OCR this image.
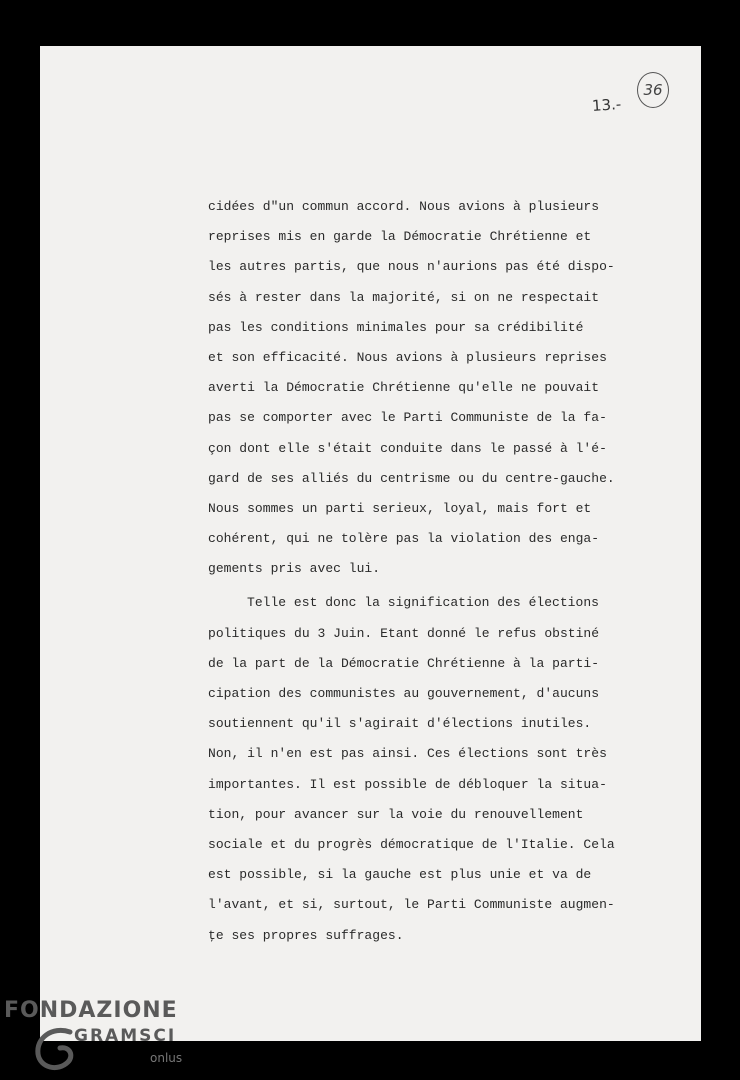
13.-
36
cidées d"un commun accord. Nous avions à plusieurs
reprises mis en garde la Démocratie Chrétienne et
les autres partis, que nous n'aurions pas été dispo-
sés à rester dans la majorité, si on ne respectait
pas les conditions minimales pour sa crédibilité
et son efficacité. Nous avions à plusieurs reprises
averti la Démocratie Chrétienne qu'elle ne pouvait
pas se comporter avec le Parti Communiste de la fa-
çon dont elle s'était conduite dans le passé à l'é-
gard de ses alliés du centrisme ou du centre-gauche.
Nous sommes un parti serieux, loyal, mais fort et
cohérent, qui ne tolère pas la violation des enga-
gements pris avec lui.
Telle est donc la signification des élections
politiques du 3 Juin. Etant donné le refus obstiné
de la part de la Démocratie Chrétienne à la parti-
cipation des communistes au gouvernement, d'aucuns
soutiennent qu'il s'agirait d'élections inutiles.
Non, il n'en est pas ainsi. Ces élections sont très
importantes. Il est possible de débloquer la situa-
tion, pour avancer sur la voie du renouvellement
sociale et du progrès démocratique de l'Italie. Cela
est possible, si la gauche est plus unie et va de
l'avant, et si, surtout, le Parti Communiste augmen-
ţe ses propres suffrages.
FONDAZIONE
GRAMSCI
onlus
